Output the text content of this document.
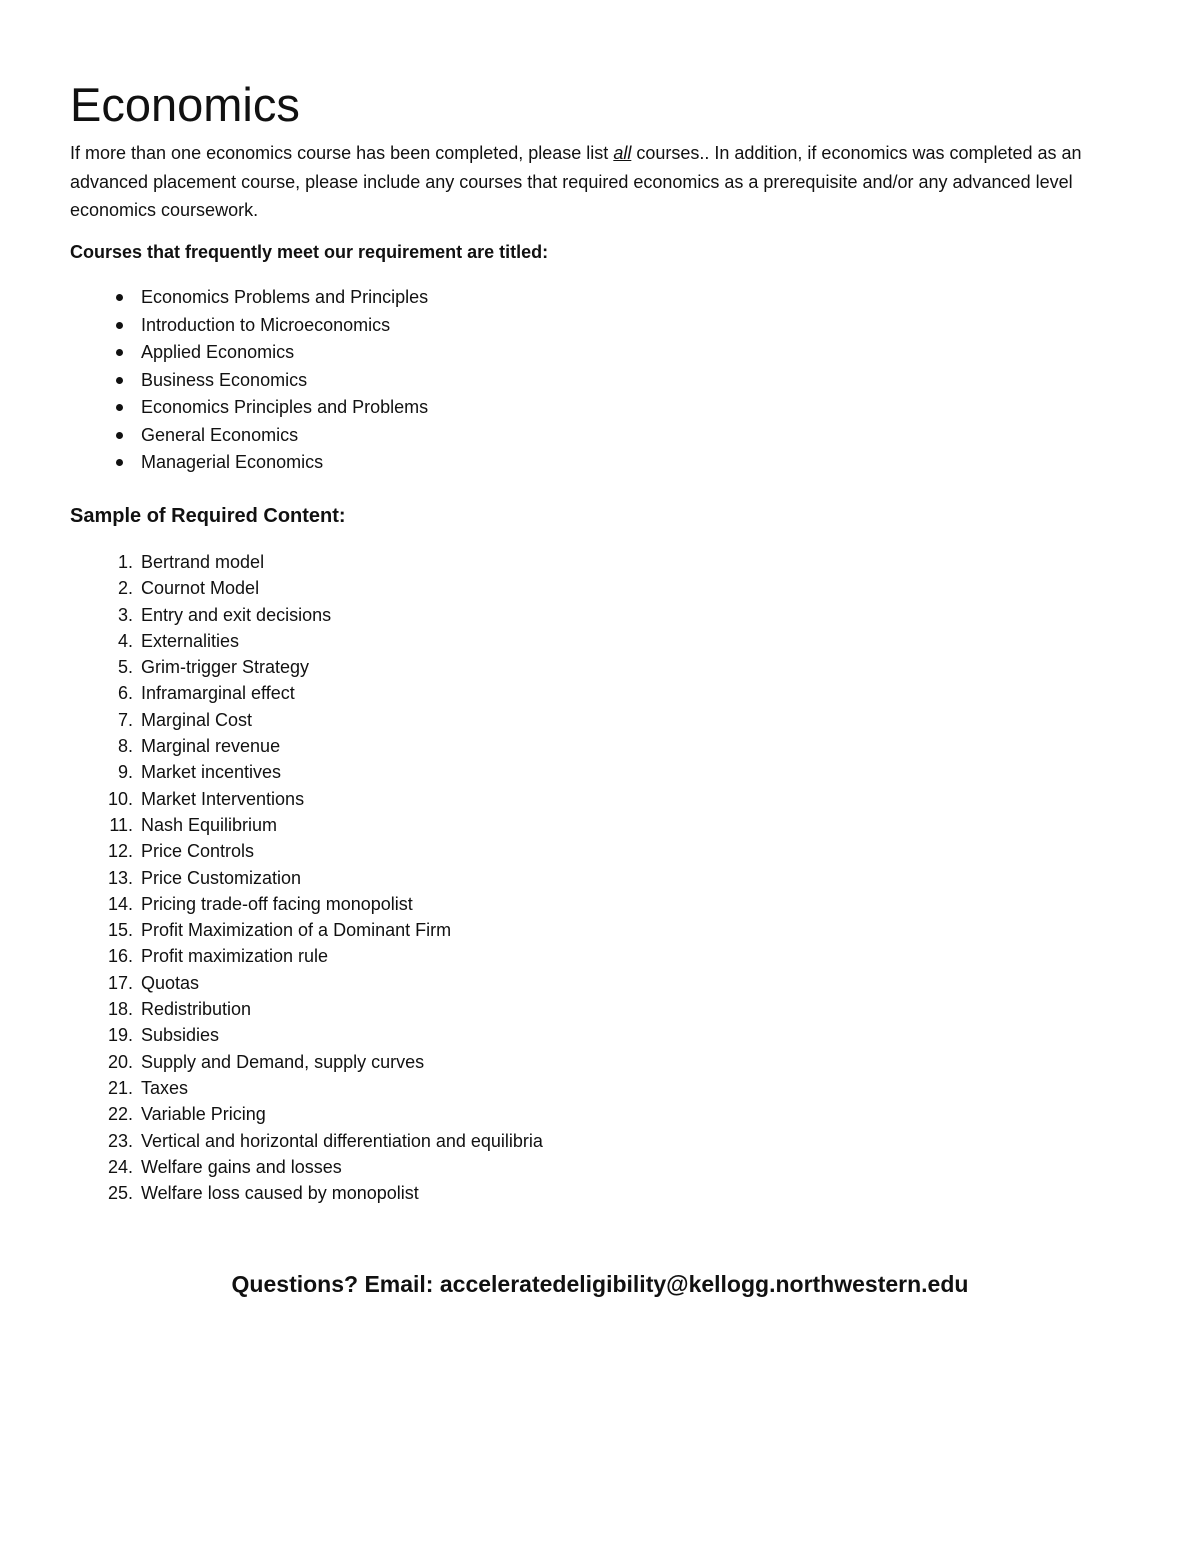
Economics

If more than one economics course has been completed, please list all courses.. In addition, if economics was completed as an advanced placement course, please include any courses that required economics as a prerequisite and/or any advanced level economics coursework.

Courses that frequently meet our requirement are titled:

Economics Problems and Principles
Introduction to Microeconomics
Applied Economics
Business Economics
Economics Principles and Problems
General Economics
Managerial Economics

Sample of Required Content:

1. Bertrand model
2. Cournot Model
3. Entry and exit decisions
4. Externalities
5. Grim-trigger Strategy
6. Inframarginal effect
7. Marginal Cost
8. Marginal revenue
9. Market incentives
10. Market Interventions
11. Nash Equilibrium
12. Price Controls
13. Price Customization
14. Pricing trade-off facing monopolist
15. Profit Maximization of a Dominant Firm
16. Profit maximization rule
17. Quotas
18. Redistribution
19. Subsidies
20. Supply and Demand, supply curves
21. Taxes
22. Variable Pricing
23. Vertical and horizontal differentiation and equilibria
24. Welfare gains and losses
25. Welfare loss caused by monopolist

Questions? Email: acceleratedeligibility@kellogg.northwestern.edu
